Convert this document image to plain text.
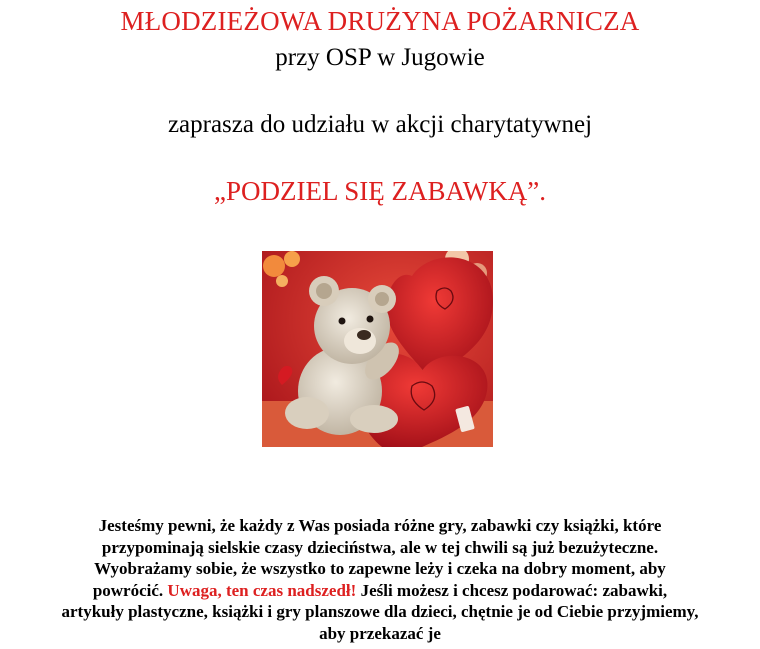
MŁODZIEŻOWA DRUŻYNA POŻARNICZA
przy OSP w Jugowie
zaprasza do udziału w akcji charytatywnej
„PODZIEL SIĘ ZABAWKĄ”.
Jesteśmy pewni, że każdy z Was posiada różne gry, zabawki czy książki, które przypominają sielskie czasy dzieciństwa, ale w tej chwili są już bezużyteczne. Wyobrażamy sobie, że wszystko to zapewne leży i czeka na dobry moment, aby powrócić. Uwaga, ten czas nadszedł! Jeśli możesz i chcesz podarować: zabawki, artykuły plastyczne, książki i gry planszowe dla dzieci, chętnie je od Ciebie przyjmiemy, aby przekazać je
